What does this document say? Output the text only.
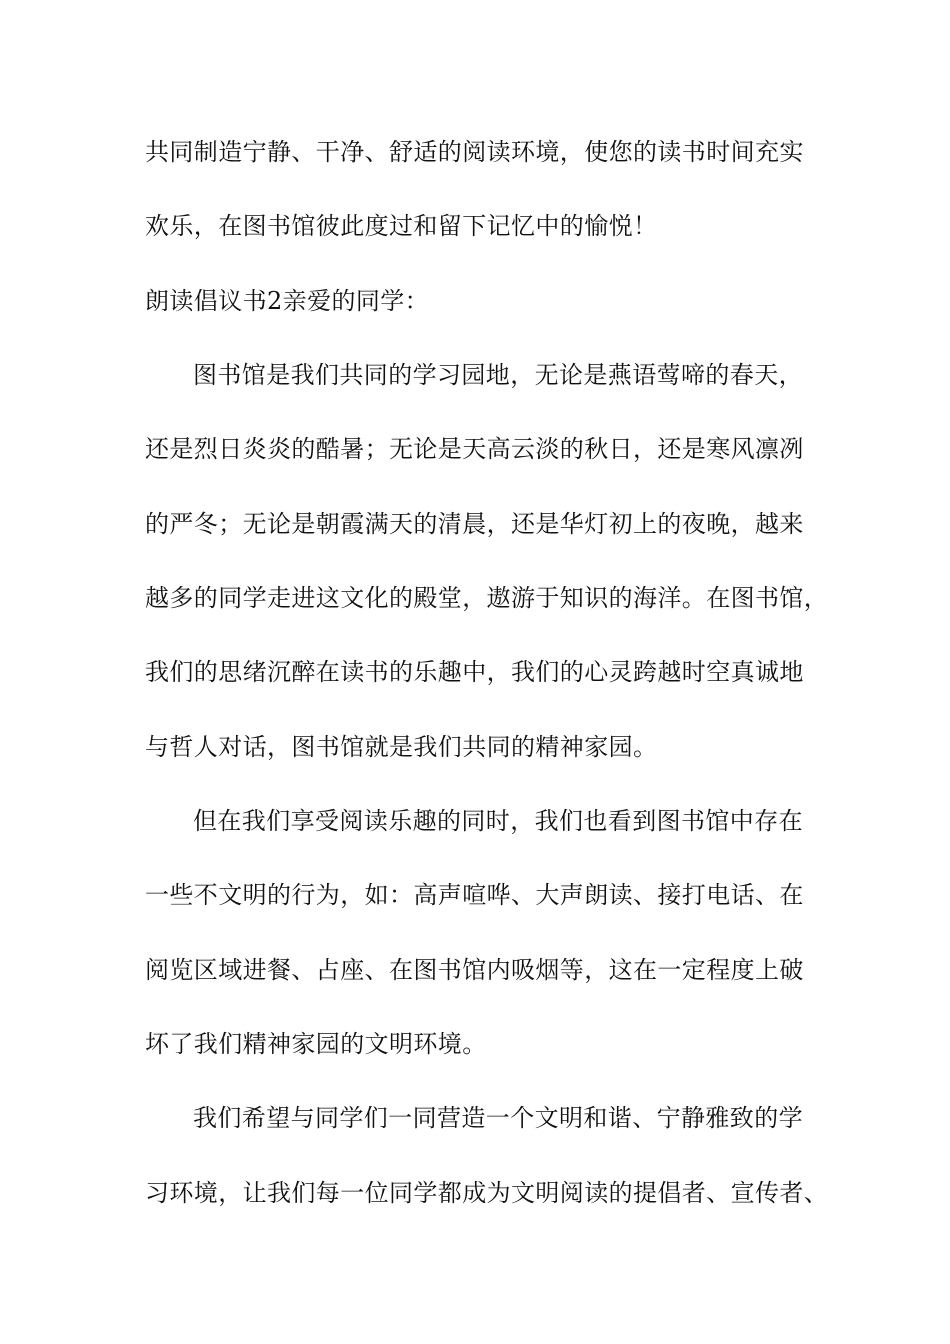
共同制造宁静、干净、舒适的阅读环境，使您的读书时间充实
欢乐，在图书馆彼此度过和留下记忆中的愉悦！
朗读倡议书2亲爱的同学：
图书馆是我们共同的学习园地，无论是燕语莺啼的春天，
还是烈日炎炎的酷暑；无论是天高云淡的秋日，还是寒风凛冽
的严冬；无论是朝霞满天的清晨，还是华灯初上的夜晚，越来
越多的同学走进这文化的殿堂，遨游于知识的海洋。在图书馆，
我们的思绪沉醉在读书的乐趣中，我们的心灵跨越时空真诚地
与哲人对话，图书馆就是我们共同的精神家园。
但在我们享受阅读乐趣的同时，我们也看到图书馆中存在
一些不文明的行为，如：高声喧哗、大声朗读、接打电话、在
阅览区域进餐、占座、在图书馆内吸烟等，这在一定程度上破
坏了我们精神家园的文明环境。
我们希望与同学们一同营造一个文明和谐、宁静雅致的学
习环境，让我们每一位同学都成为文明阅读的提倡者、宣传者、
